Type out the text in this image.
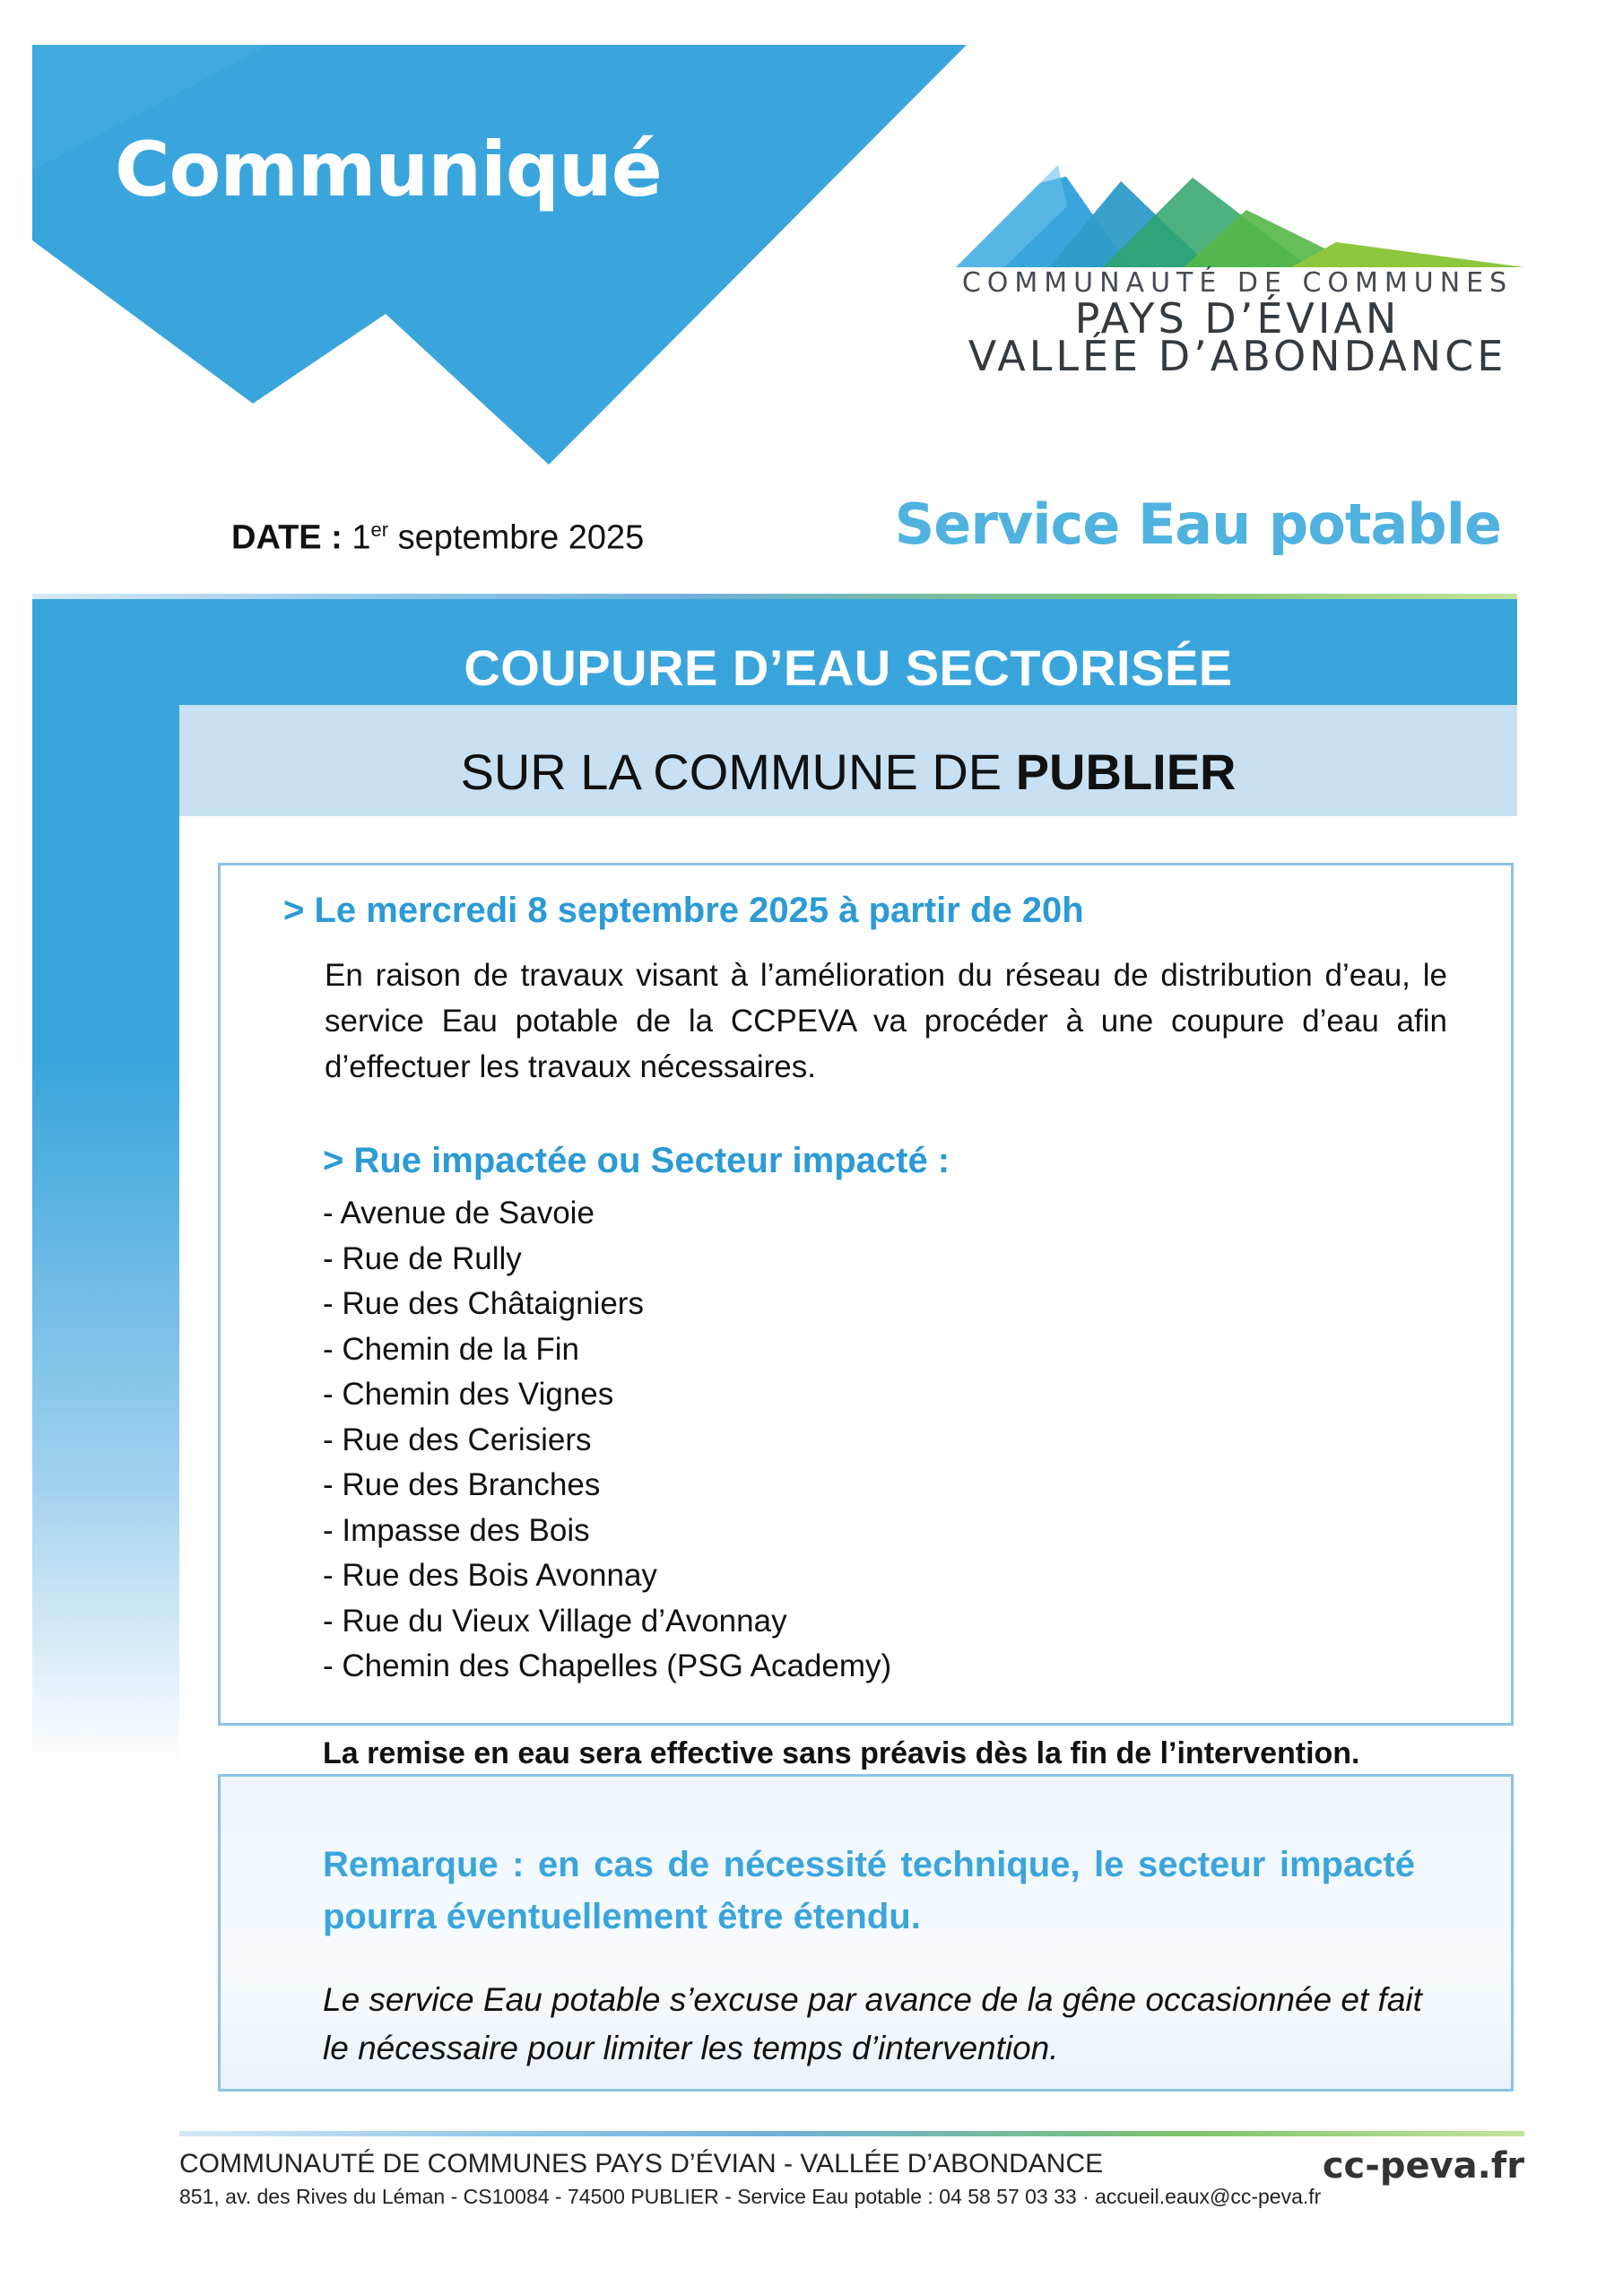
Communiqué
COMMUNAUTÉ DE COMMUNES
PAYS D’ÉVIAN
VALLÉE D’ABONDANCE
DATE : 1er septembre 2025	Service Eau potable
COUPURE D’EAU SECTORISÉE
SUR LA COMMUNE DE PUBLIER
> Le mercredi 8 septembre 2025 à partir de 20h

En raison de travaux visant à l’amélioration du réseau de distribution d’eau, le service Eau potable de la CCPEVA va procéder à une coupure d’eau afin d’effectuer les travaux nécessaires.

> Rue impactée ou Secteur impacté :
- Avenue de Savoie
- Rue de Rully
- Rue des Châtaigniers
- Chemin de la Fin
- Chemin des Vignes
- Rue des Cerisiers
- Rue des Branches
- Impasse des Bois
- Rue des Bois Avonnay
- Rue du Vieux Village d’Avonnay
- Chemin des Chapelles (PSG Academy)
La remise en eau sera effective sans préavis dès la fin de l’intervention.

Remarque : en cas de nécessité technique, le secteur impacté pourra éventuellement être étendu.

Le service Eau potable s’excuse par avance de la gêne occasionnée et fait le nécessaire pour limiter les temps d’intervention.

COMMUNAUTÉ DE COMMUNES PAYS D’ÉVIAN - VALLÉE D’ABONDANCE
851, av. des Rives du Léman - CS10084 - 74500 PUBLIER - Service Eau potable : 04 58 57 03 33 · accueil.eaux@cc-peva.fr
cc-peva.fr
